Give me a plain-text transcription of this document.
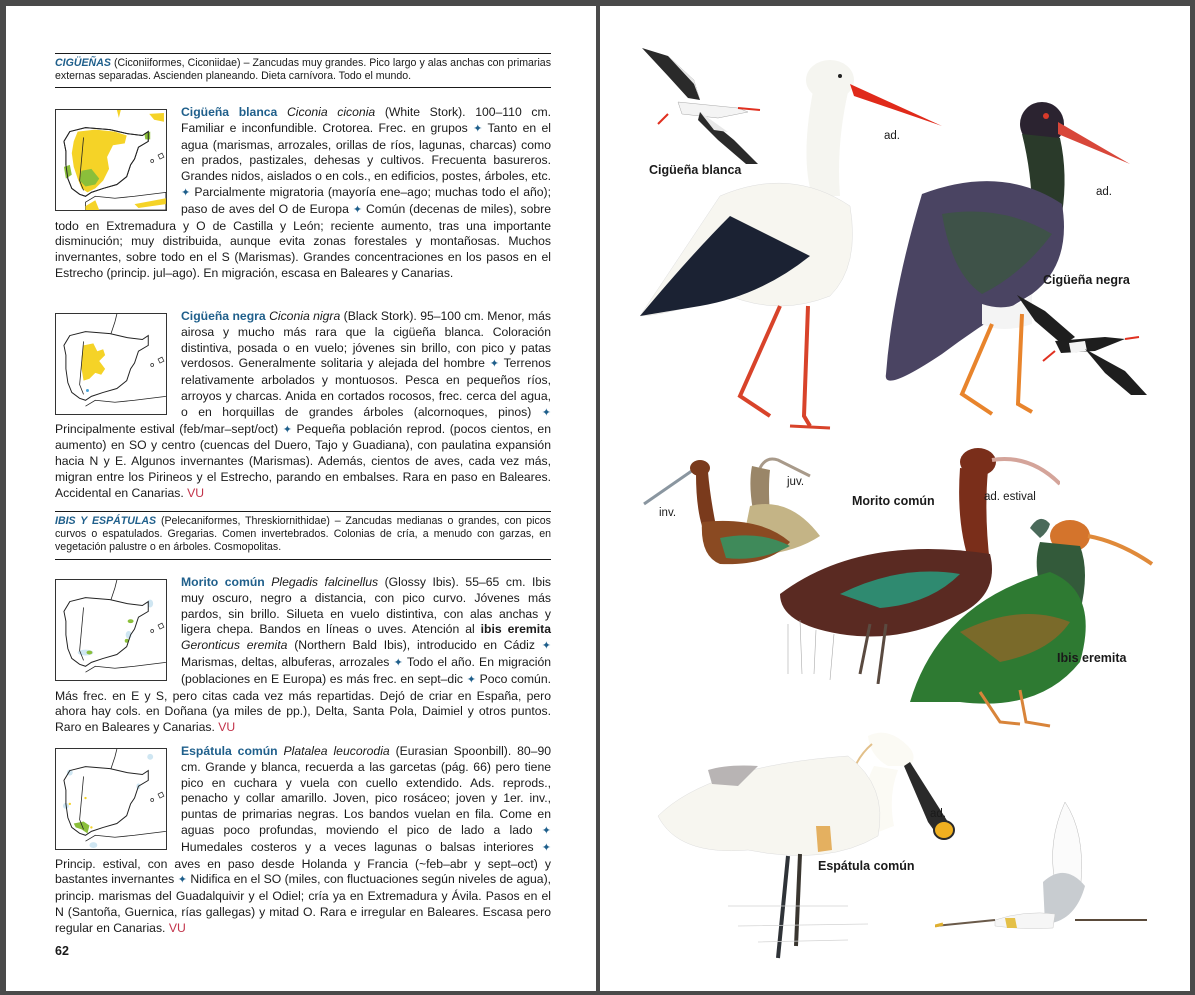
CIGÜEÑAS (Ciconiiformes, Ciconiidae) – Zancudas muy grandes. Pico largo y alas anchas con primarias externas separadas. Ascienden planeando. Dieta carnívora. Todo el mundo.
Cigüeña blanca Ciconia ciconia (White Stork). 100–110 cm. Familiar e inconfundible. Crotorea. Frec. en grupos ✦ Tanto en el agua (marismas, arrozales, orillas de ríos, lagunas, charcas) como en prados, pastizales, dehesas y cultivos. Frecuenta basureros. Grandes nidos, aislados o en cols., en edificios, postes, árboles, etc. ✦ Parcialmente migratoria (mayoría ene–ago; muchas todo el año); paso de aves del O de Europa ✦ Común (decenas de miles), sobre todo en Extremadura y O de Castilla y León; reciente aumento, tras una importante disminución; muy distribuida, aunque evita zonas forestales y montañosas. Muchos invernantes, sobre todo en el S (Marismas). Grandes concentraciones en los pasos en el Estrecho (princip. jul–ago). En migración, escasa en Baleares y Canarias.
Cigüeña negra Ciconia nigra (Black Stork). 95–100 cm. Menor, más airosa y mucho más rara que la cigüeña blanca. Coloración distintiva, posada o en vuelo; jóvenes sin brillo, con pico y patas verdosos. Generalmente solitaria y alejada del hombre ✦ Terrenos relativamente arbolados y montuosos. Pesca en pequeños ríos, arroyos y charcas. Anida en cortados rocosos, frec. cerca del agua, o en horquillas de grandes árboles (alcornoques, pinos) ✦ Principalmente estival (feb/mar–sept/oct) ✦ Pequeña población reprod. (pocos cientos, en aumento) en SO y centro (cuencas del Duero, Tajo y Guadiana), con paulatina expansión hacia N y E. Algunos invernantes (Marismas). Además, cientos de aves, cada vez más, migran entre los Pirineos y el Estrecho, parando en embalses. Rara en paso en Baleares. Accidental en Canarias. VU
IBIS Y ESPÁTULAS (Pelecaniformes, Threskiornithidae) – Zancudas medianas o grandes, con picos curvos o espatulados. Gregarias. Comen invertebrados. Colonias de cría, a menudo con garzas, en vegetación palustre o en árboles. Cosmopolitas.
Morito común Plegadis falcinellus (Glossy Ibis). 55–65 cm. Ibis muy oscuro, negro a distancia, con pico curvo. Jóvenes más pardos, sin brillo. Silueta en vuelo distintiva, con alas anchas y ligera chepa. Bandos en líneas o uves. Atención al ibis eremita Geronticus eremita (Northern Bald Ibis), introducido en Cádiz ✦ Marismas, deltas, albuferas, arrozales ✦ Todo el año. En migración (poblaciones en E Europa) es más frec. en sept–dic ✦ Poco común. Más frec. en E y S, pero citas cada vez más repartidas. Dejó de criar en España, pero ahora hay cols. en Doñana (ya miles de pp.), Delta, Santa Pola, Daimiel y otros puntos. Raro en Baleares y Canarias. VU
Espátula común Platalea leucorodia (Eurasian Spoonbill). 80–90 cm. Grande y blanca, recuerda a las garcetas (pág. 66) pero tiene pico en cuchara y vuela con cuello extendido. Ads. reprods., penacho y collar amarillo. Joven, pico rosáceo; joven y 1er. inv., puntas de primarias negras. Los bandos vuelan en fila. Come en aguas poco profundas, moviendo el pico de lado a lado ✦ Humedales costeros y a veces lagunas o balsas interiores ✦ Princip. estival, con aves en paso desde Holanda y Francia (~feb–abr y sept–oct) y bastantes invernantes ✦ Nidifica en el SO (miles, con fluctuaciones según niveles de agua), princip. marismas del Guadalquivir y el Odiel; cría ya en Extremadura y Ávila. Pasos en el N (Santoña, Guernica, rías gallegas) y mitad O. Rara e irregular en Baleares. Escasa pero regular en Canarias. VU
62
Cigüeña blanca
ad.
ad.
Cigüeña negra
inv.
juv.
Morito común	ad. estival
Ibis eremita
ad.
Espátula común
